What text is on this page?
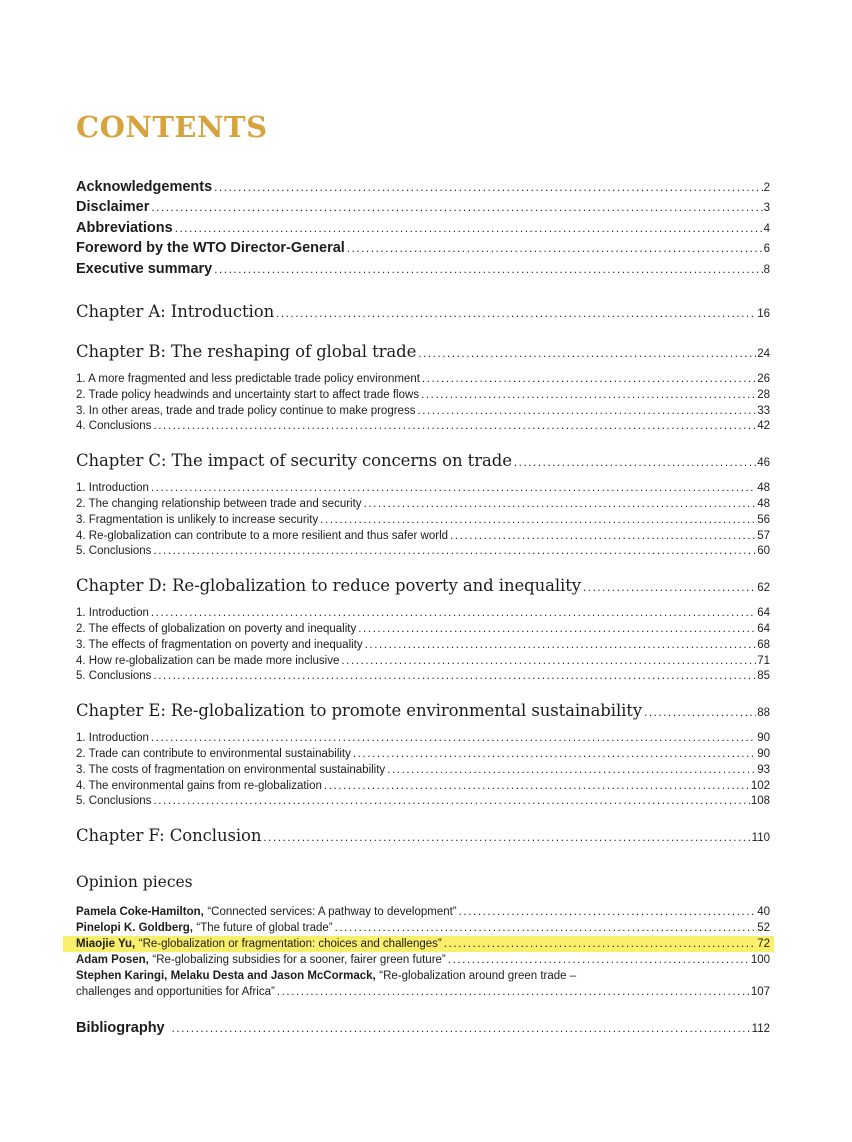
CONTENTS
Acknowledgements .....	2
Disclaimer .....	3
Abbreviations .....	4
Foreword by the WTO Director-General .....	6
Executive summary .....	8
Chapter A: Introduction .....	16
Chapter B: The reshaping of global trade .....	24
1. A more fragmented and less predictable trade policy environment .....	26
2. Trade policy headwinds and uncertainty start to affect trade flows .....	28
3. In other areas, trade and trade policy continue to make progress .....	33
4. Conclusions .....	42
Chapter C: The impact of security concerns on trade .....	46
1. Introduction .....	48
2. The changing relationship between trade and security .....	48
3. Fragmentation is unlikely to increase security .....	56
4. Re-globalization can contribute to a more resilient and thus safer world .....	57
5. Conclusions .....	60
Chapter D: Re-globalization to reduce poverty and inequality .....	62
1. Introduction .....	64
2. The effects of globalization on poverty and inequality .....	64
3. The effects of fragmentation on poverty and inequality .....	68
4. How re-globalization can be made more inclusive .....	71
5. Conclusions .....	85
Chapter E: Re-globalization to promote environmental sustainability .....	88
1. Introduction .....	90
2. Trade can contribute to environmental sustainability .....	90
3. The costs of fragmentation on environmental sustainability .....	93
4. The environmental gains from re-globalization .....	102
5. Conclusions .....	108
Chapter F: Conclusion .....	110
Opinion pieces
Pamela Coke-Hamilton, “Connected services: A pathway to development” .....	40
Pinelopi K. Goldberg, “The future of global trade” .....	52
Miaojie Yu, “Re-globalization or fragmentation: choices and challenges” .....	72
Adam Posen, “Re-globalizing subsidies for a sooner, fairer green future” .....	100
Stephen Karingi, Melaku Desta and Jason McCormack, “Re-globalization around green trade –
challenges and opportunities for Africa” .....	107
Bibliography .....	112
